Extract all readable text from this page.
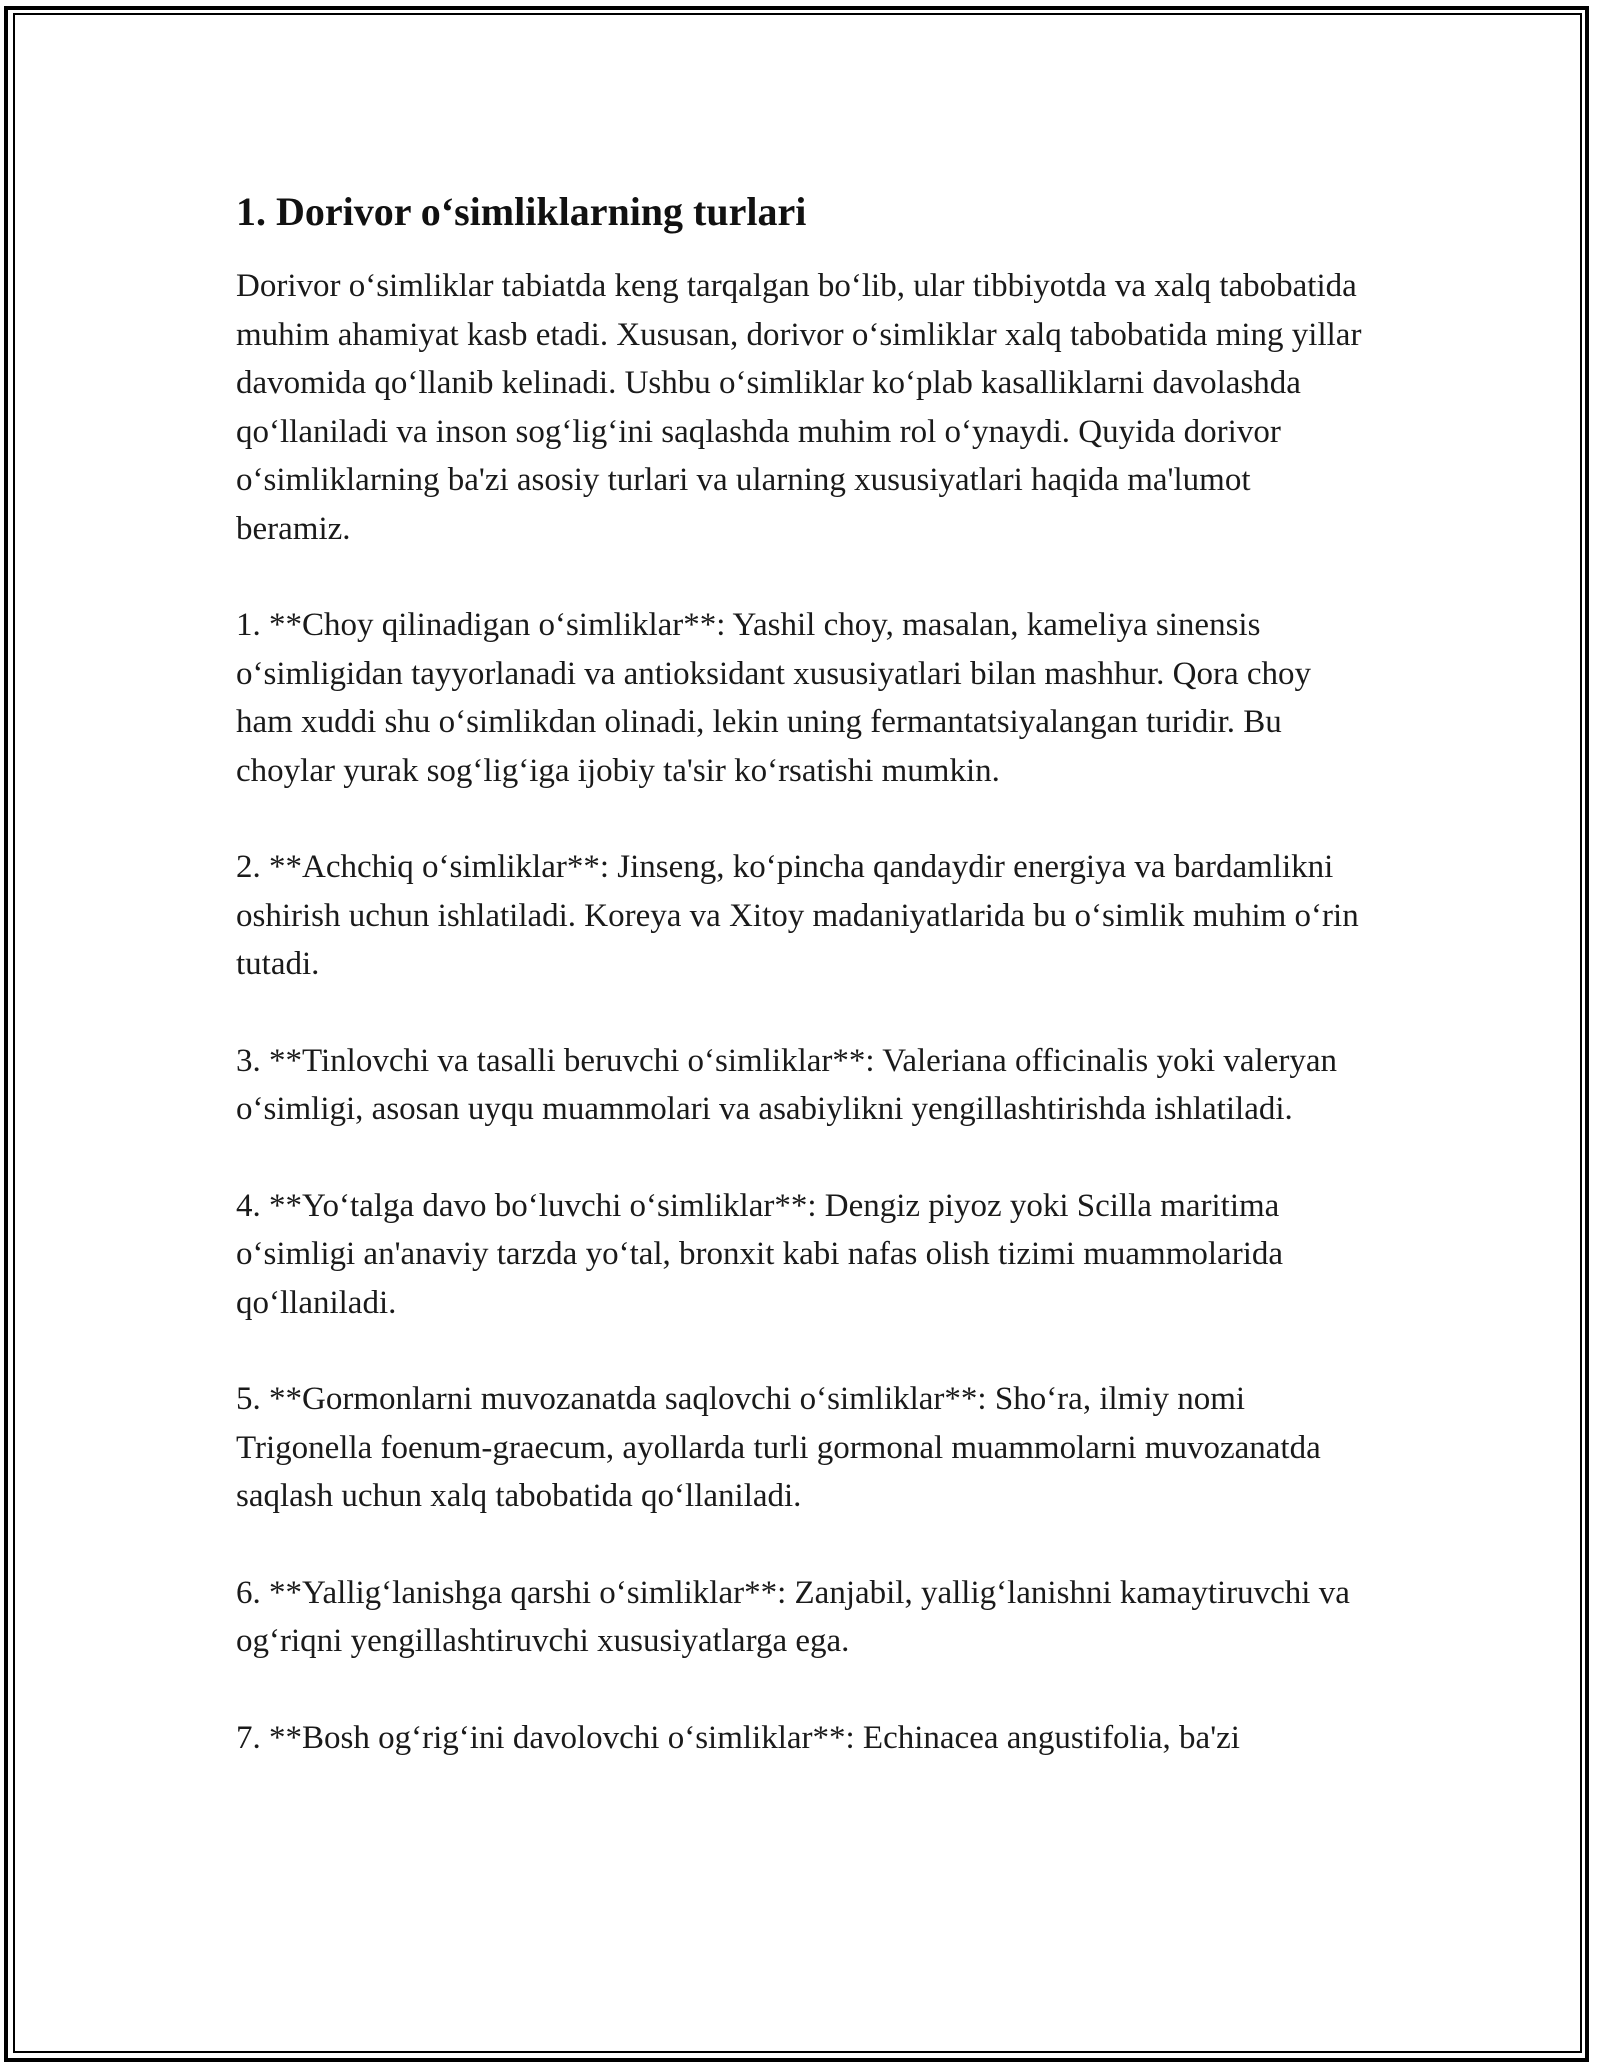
1. Dorivor o‘simliklarning turlari

Dorivor o‘simliklar tabiatda keng tarqalgan bo‘lib, ular tibbiyotda va xalq tabobatida muhim ahamiyat kasb etadi. Xususan, dorivor o‘simliklar xalq tabobatida ming yillar davomida qo‘llanib kelinadi. Ushbu o‘simliklar ko‘plab kasalliklarni davolashda qo‘llaniladi va inson sog‘lig‘ini saqlashda muhim rol o‘ynaydi. Quyida dorivor o‘simliklarning ba'zi asosiy turlari va ularning xususiyatlari haqida ma'lumot beramiz.

1. **Choy qilinadigan o‘simliklar**: Yashil choy, masalan, kameliya sinensis o‘simligidan tayyorlanadi va antioksidant xususiyatlari bilan mashhur. Qora choy ham xuddi shu o‘simlikdan olinadi, lekin uning fermantatsiyalangan turidir. Bu choylar yurak sog‘lig‘iga ijobiy ta'sir ko‘rsatishi mumkin.

2. **Achchiq o‘simliklar**: Jinseng, ko‘pincha qandaydir energiya va bardamlikni oshirish uchun ishlatiladi. Koreya va Xitoy madaniyatlarida bu o‘simlik muhim o‘rin tutadi.

3. **Tinlovchi va tasalli beruvchi o‘simliklar**: Valeriana officinalis yoki valeryan o‘simligi, asosan uyqu muammolari va asabiylikni yengillashtirishda ishlatiladi.

4. **Yo‘talga davo bo‘luvchi o‘simliklar**: Dengiz piyoz yoki Scilla maritima o‘simligi an'anaviy tarzda yo‘tal, bronxit kabi nafas olish tizimi muammolarida qo‘llaniladi.

5. **Gormonlarni muvozanatda saqlovchi o‘simliklar**: Sho‘ra, ilmiy nomi Trigonella foenum-graecum, ayollarda turli gormonal muammolarni muvozanatda saqlash uchun xalq tabobatida qo‘llaniladi.

6. **Yallig‘lanishga qarshi o‘simliklar**: Zanjabil, yallig‘lanishni kamaytiruvchi va og‘riqni yengillashtiruvchi xususiyatlarga ega.

7. **Bosh og‘rig‘ini davolovchi o‘simliklar**: Echinacea angustifolia, ba'zi
